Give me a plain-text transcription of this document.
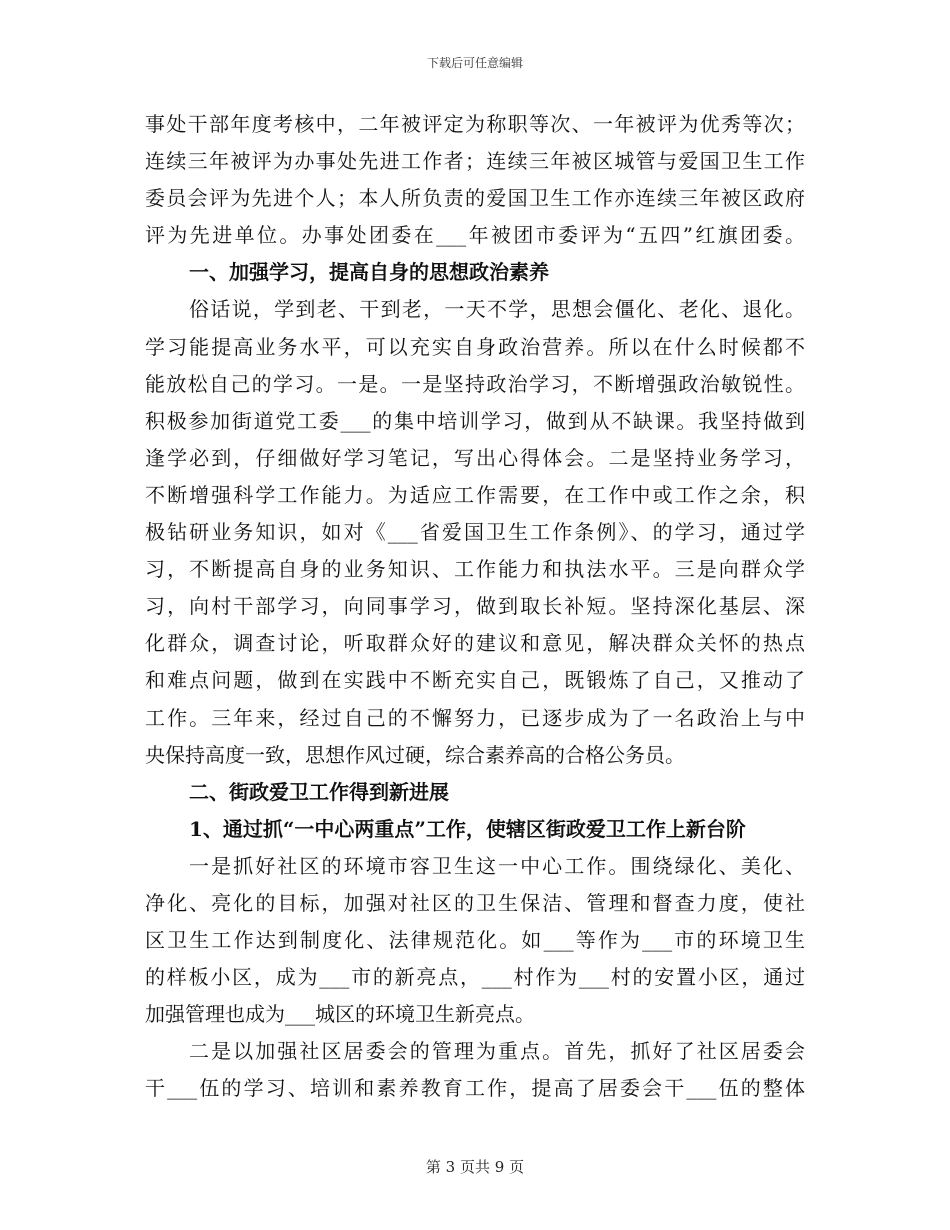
下载后可任意编辑
事处干部年度考核中，二年被评定为称职等次、一年被评为优秀等次；
连续三年被评为办事处先进工作者；连续三年被区城管与爱国卫生工作
委员会评为先进个人；本人所负责的爱国卫生工作亦连续三年被区政府
评为先进单位。办事处团委在___年被团市委评为“五四”红旗团委。
一、加强学习，提高自身的思想政治素养
俗话说，学到老、干到老，一天不学，思想会僵化、老化、退化。
学习能提高业务水平，可以充实自身政治营养。所以在什么时候都不
能放松自己的学习。一是。一是坚持政治学习，不断增强政治敏锐性。
积极参加街道党工委___的集中培训学习，做到从不缺课。我坚持做到
逢学必到，仔细做好学习笔记，写出心得体会。二是坚持业务学习，
不断增强科学工作能力。为适应工作需要，在工作中或工作之余，积
极钻研业务知识，如对《___省爱国卫生工作条例》、的学习，通过学
习，不断提高自身的业务知识、工作能力和执法水平。三是向群众学
习，向村干部学习，向同事学习，做到取长补短。坚持深化基层、深
化群众，调查讨论，听取群众好的建议和意见，解决群众关怀的热点
和难点问题，做到在实践中不断充实自己，既锻炼了自己，又推动了
工作。三年来，经过自己的不懈努力，已逐步成为了一名政治上与中
央保持高度一致，思想作风过硬，综合素养高的合格公务员。
二、街政爱卫工作得到新进展
1、通过抓“一中心两重点”工作，使辖区街政爱卫工作上新台阶
一是抓好社区的环境市容卫生这一中心工作。围绕绿化、美化、
净化、亮化的目标，加强对社区的卫生保洁、管理和督查力度，使社
区卫生工作达到制度化、法律规范化。如___等作为___市的环境卫生
的样板小区，成为___市的新亮点，___村作为___村的安置小区，通过
加强管理也成为___城区的环境卫生新亮点。
二是以加强社区居委会的管理为重点。首先，抓好了社区居委会
干___伍的学习、培训和素养教育工作，提高了居委会干___伍的整体
第 3 页共 9 页
